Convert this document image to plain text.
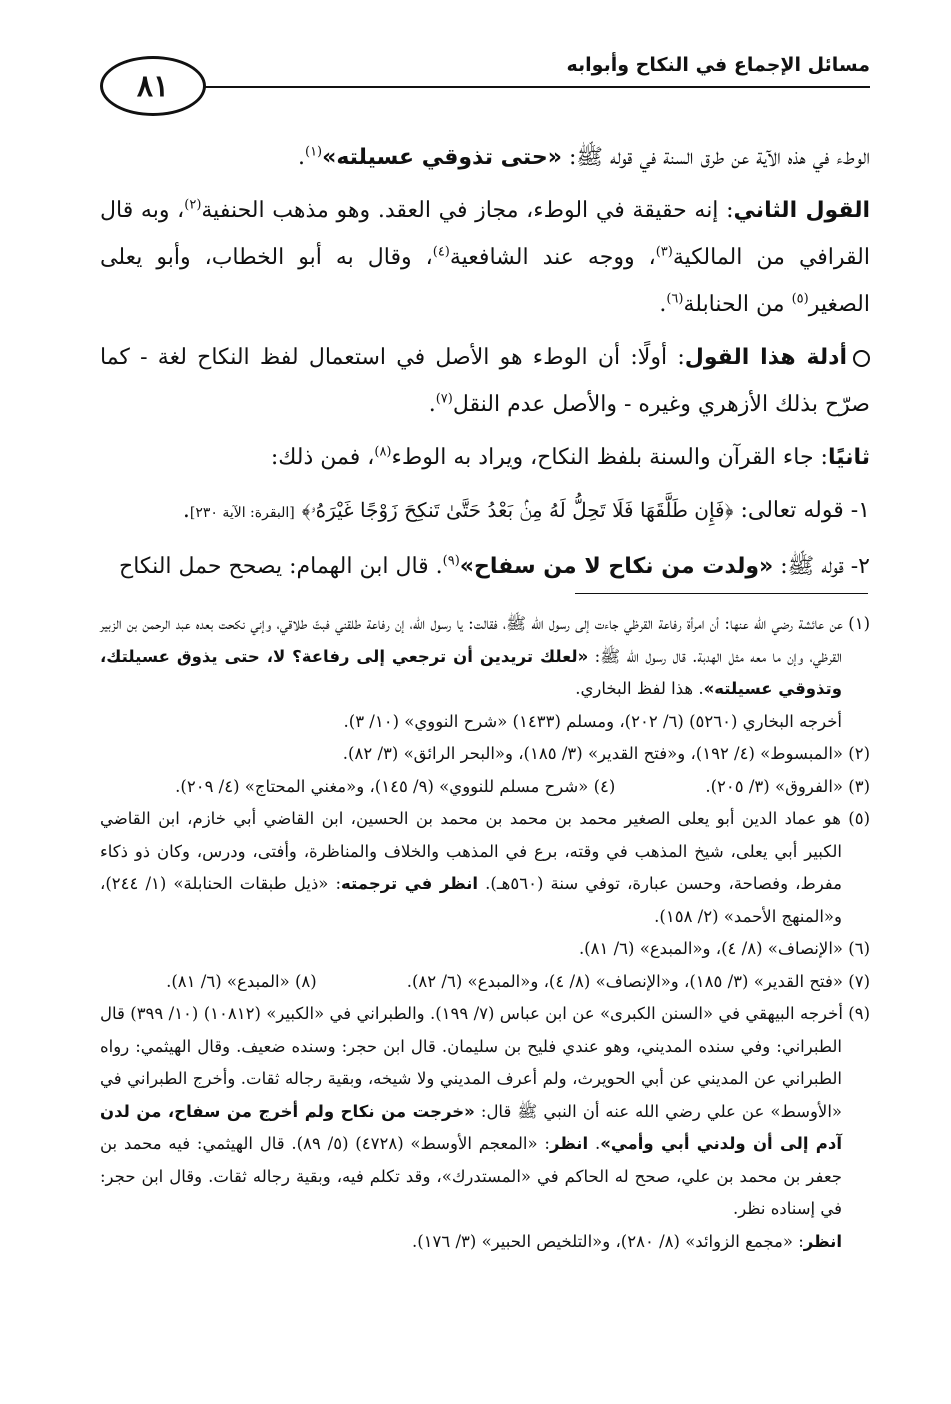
٨١
مسائل الإجماع في النكاح وأبوابه

الوطء في هذه الآية عن طرق السنة في قوله ﷺ: «حتى تذوقي عسيلته»$^{(١)}$.

القول الثاني: إنه حقيقة في الوطء، مجاز في العقد. وهو مذهب الحنفية$^{(٢)}$، وبه قال القرافي من المالكية$^{(٣)}$، ووجه عند الشافعية$^{(٤)}$، وقال به أبو الخطاب، وأبو يعلى الصغير$^{(٥)}$ من الحنابلة$^{(٦)}$.

أدلة هذا القول: أولًا: أن الوطء هو الأصل في استعمال لفظ النكاح لغة - كما صرّح بذلك الأزهري وغيره - والأصل عدم النقل$^{(٧)}$.

ثانيًا: جاء القرآن والسنة بلفظ النكاح، ويراد به الوطء$^{(٨)}$، فمن ذلك:

١- قوله تعالى: ﴿فَإِن طَلَّقَهَا فَلَا تَحِلُّ لَهُ مِنۢ بَعْدُ حَتَّىٰ تَنكِحَ زَوْجًا غَيْرَهُۥ﴾ [البقرة: الآية ٢٣٠].

٢- قوله ﷺ: «ولدت من نكاح لا من سفاح»$^{(٩)}$. قال ابن الهمام: يصحح حمل النكاح

(١) عن عائشة رضي الله عنها: أن امرأة رفاعة القرظي جاءت إلى رسول الله ﷺ، فقالت: يا رسول الله، إن رفاعة طلقني فبتّ طلاقي، وإني نكحت بعده عبد الرحمن بن الزبير القرظي، وإن ما معه مثل الهدبة. قال رسول الله ﷺ: «لعلك تريدين أن ترجعي إلى رفاعة؟ لا، حتى يذوق عسيلتك، وتذوقي عسيلته». هذا لفظ البخاري.
أخرجه البخاري (٥٢٦٠) (٦/ ٢٠٢)، ومسلم (١٤٣٣) «شرح النووي» (١٠/ ٣).

(٢) «المبسوط» (٤/ ١٩٢)، و«فتح القدير» (٣/ ١٨٥)، و«البحر الرائق» (٣/ ٨٢).

(٣) «الفروق» (٣/ ٢٠٥).
(٤) «شرح مسلم للنووي» (٩/ ١٤٥)، و«مغني المحتاج» (٤/ ٢٠٩).

(٥) هو عماد الدين أبو يعلى الصغير محمد بن محمد بن محمد بن الحسين، ابن القاضي أبي خازم، ابن القاضي الكبير أبي يعلى، شيخ المذهب في وقته، برع في المذهب والخلاف والمناظرة، وأفتى، ودرس، وكان ذو ذكاء مفرط، وفصاحة، وحسن عبارة، توفي سنة (٥٦٠هـ). انظر في ترجمته: «ذيل طبقات الحنابلة» (١/ ٢٤٤)، و«المنهج الأحمد» (٢/ ١٥٨).

(٦) «الإنصاف» (٨/ ٤)، و«المبدع» (٦/ ٨١).

(٧) «فتح القدير» (٣/ ١٨٥)، و«الإنصاف» (٨/ ٤)، و«المبدع» (٦/ ٨٢).
(٨) «المبدع» (٦/ ٨١).

(٩) أخرجه البيهقي في «السنن الكبرى» عن ابن عباس (٧/ ١٩٩). والطبراني في «الكبير» (١٠٨١٢) (١٠/ ٣٩٩) قال الطبراني: وفي سنده المديني، وهو عندي فليح بن سليمان. قال ابن حجر: وسنده ضعيف. وقال الهيثمي: رواه الطبراني عن المديني عن أبي الحويرث، ولم أعرف المديني ولا شيخه، وبقية رجاله ثقات. وأخرج الطبراني في «الأوسط» عن علي رضي الله عنه أن النبي ﷺ قال: «خرجت من نكاح ولم أخرج من سفاح، من لدن آدم إلى أن ولدني أبي وأمي». انظر: «المعجم الأوسط» (٤٧٢٨) (٥/ ٨٩). قال الهيثمي: فيه محمد بن جعفر بن محمد بن علي، صحح له الحاكم في «المستدرك»، وقد تكلم فيه، وبقية رجاله ثقات. وقال ابن حجر: في إسناده نظر.
انظر: «مجمع الزوائد» (٨/ ٢٨٠)، و«التلخيص الحبير» (٣/ ١٧٦).
